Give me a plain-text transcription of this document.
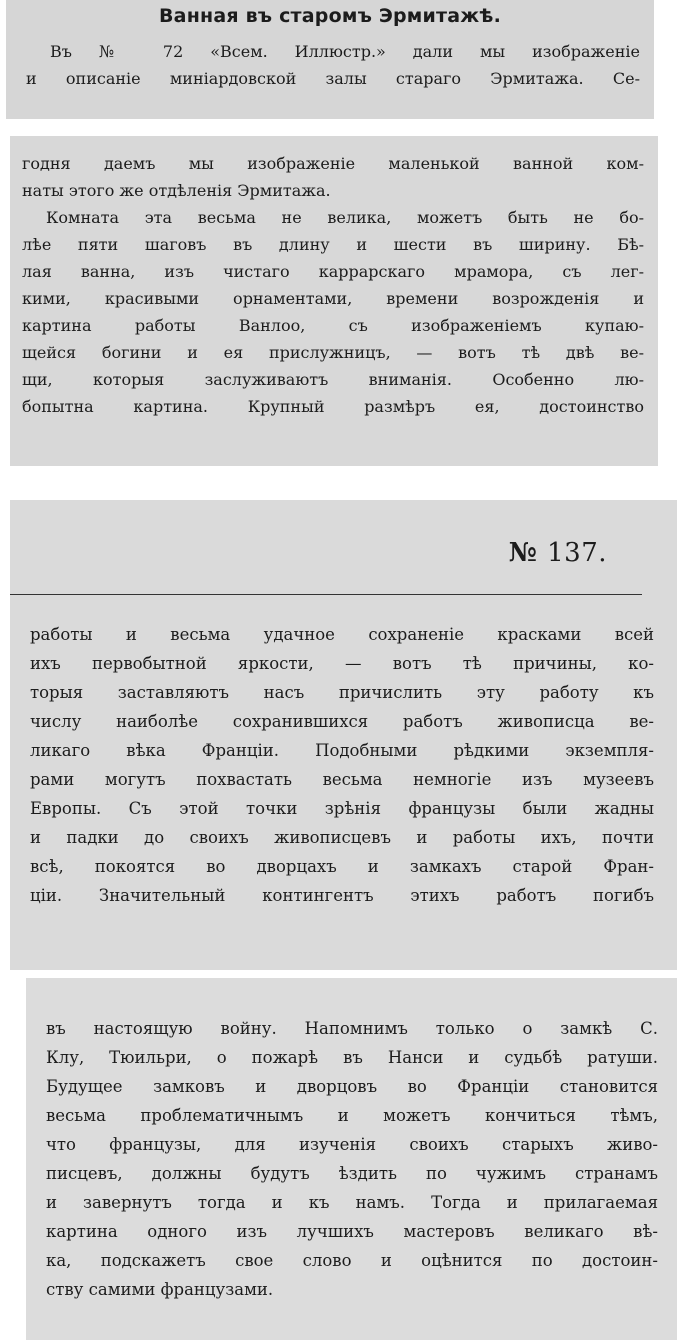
Ванная въ старомъ Эрмитажѣ.
Въ № 72 «Всем. Иллюстр.» дали мы изображеніе
и описаніе миніардовской залы стараго Эрмитажа. Се-
годня даемъ мы изображеніе маленькой ванной ком-
наты этого же отдѣленія Эрмитажа.
Комната эта весьма не велика, можетъ быть не бо-
лѣе пяти шаговъ въ длину и шести въ ширину. Бѣ-
лая ванна, изъ чистаго каррарскаго мрамора, съ лег-
кими, красивыми орнаментами, времени возрожденія и
картина работы Ванлоо, съ изображеніемъ купаю-
щейся богини и ея прислужницъ, — вотъ тѣ двѣ ве-
щи, которыя заслуживаютъ вниманія. Особенно лю-
бопытна картина. Крупный размѣръ ея, достоинство
№ 137.
работы и весьма удачное сохраненіе красками всей
ихъ первобытной яркости, — вотъ тѣ причины, ко-
торыя заставляютъ насъ причислить эту работу къ
числу наиболѣе сохранившихся работъ живописца ве-
ликаго вѣка Франціи. Подобными рѣдкими экземпля-
рами могутъ похвастать весьма немногіе изъ музеевъ
Европы. Съ этой точки зрѣнія французы были жадны
и падки до своихъ живописцевъ и работы ихъ, почти
всѣ, покоятся во дворцахъ и замкахъ старой Фран-
ціи. Значительный контингентъ этихъ работъ погибъ
въ настоящую войну. Напомнимъ только о замкѣ С.
Клу, Тюильри, о пожарѣ въ Нанси и судьбѣ ратуши.
Будущее замковъ и дворцовъ во Франціи становится
весьма проблематичнымъ и можетъ кончиться тѣмъ,
что французы, для изученія своихъ старыхъ живо-
писцевъ, должны будутъ ѣздить по чужимъ странамъ
и завернутъ тогда и къ намъ. Тогда и прилагаемая
картина одного изъ лучшихъ мастеровъ великаго вѣ-
ка, подскажетъ свое слово и оцѣнится по достоин-
ству самими французами.
